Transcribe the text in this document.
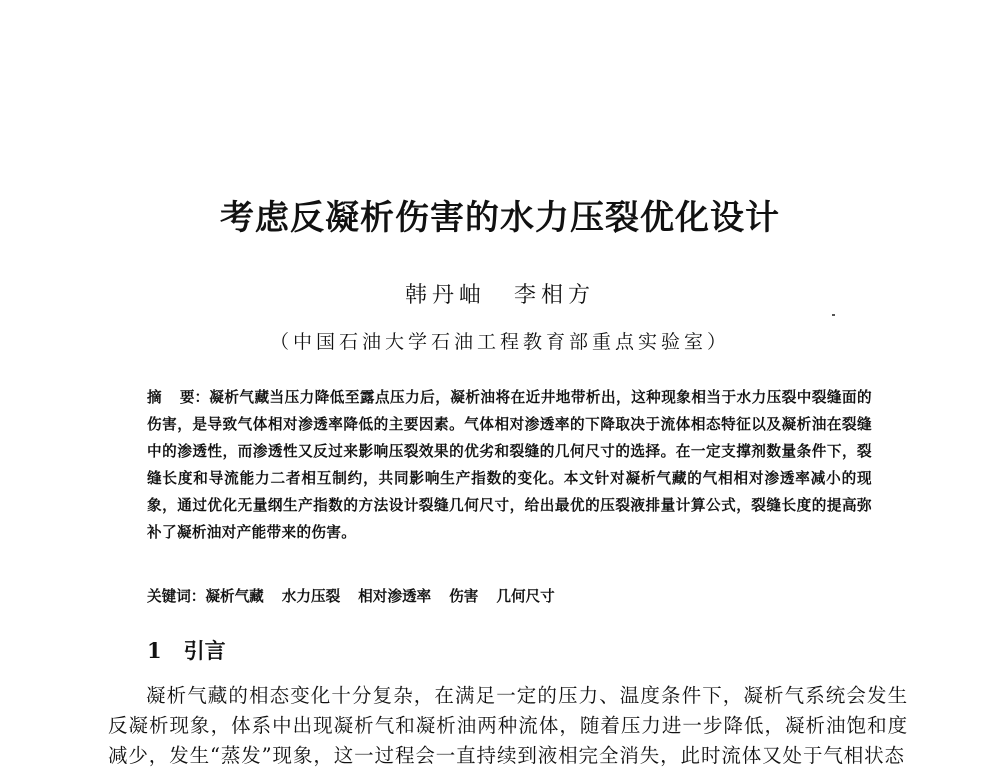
考虑反凝析伤害的水力压裂优化设计
韩丹岫 李相方
（中国石油大学石油工程教育部重点实验室）

摘 要：凝析气藏当压力降低至露点压力后，凝析油将在近井地带析出，这种现象相当于水力压裂中裂缝面的伤害，是导致气体相对渗透率降低的主要因素。气体相对渗透率的下降取决于流体相态特征以及凝析油在裂缝中的渗透性，而渗透性又反过来影响压裂效果的优劣和裂缝的几何尺寸的选择。在一定支撑剂数量条件下，裂缝长度和导流能力二者相互制约，共同影响生产指数的变化。本文针对凝析气藏的气相相对渗透率减小的现象，通过优化无量纲生产指数的方法设计裂缝几何尺寸，给出最优的压裂液排量计算公式，裂缝长度的提高弥补了凝析油对产能带来的伤害。

关键词：凝析气藏 水力压裂 相对渗透率 伤害 几何尺寸
1 引言

凝析气藏的相态变化十分复杂，在满足一定的压力、温度条件下，凝析气系统会发生反凝析现象，体系中出现凝析气和凝析油两种流体，随着压力进一步降低，凝析油饱和度减少，发生“蒸发”现象，这一过程会一直持续到液相完全消失，此时流体又处于气相状态
